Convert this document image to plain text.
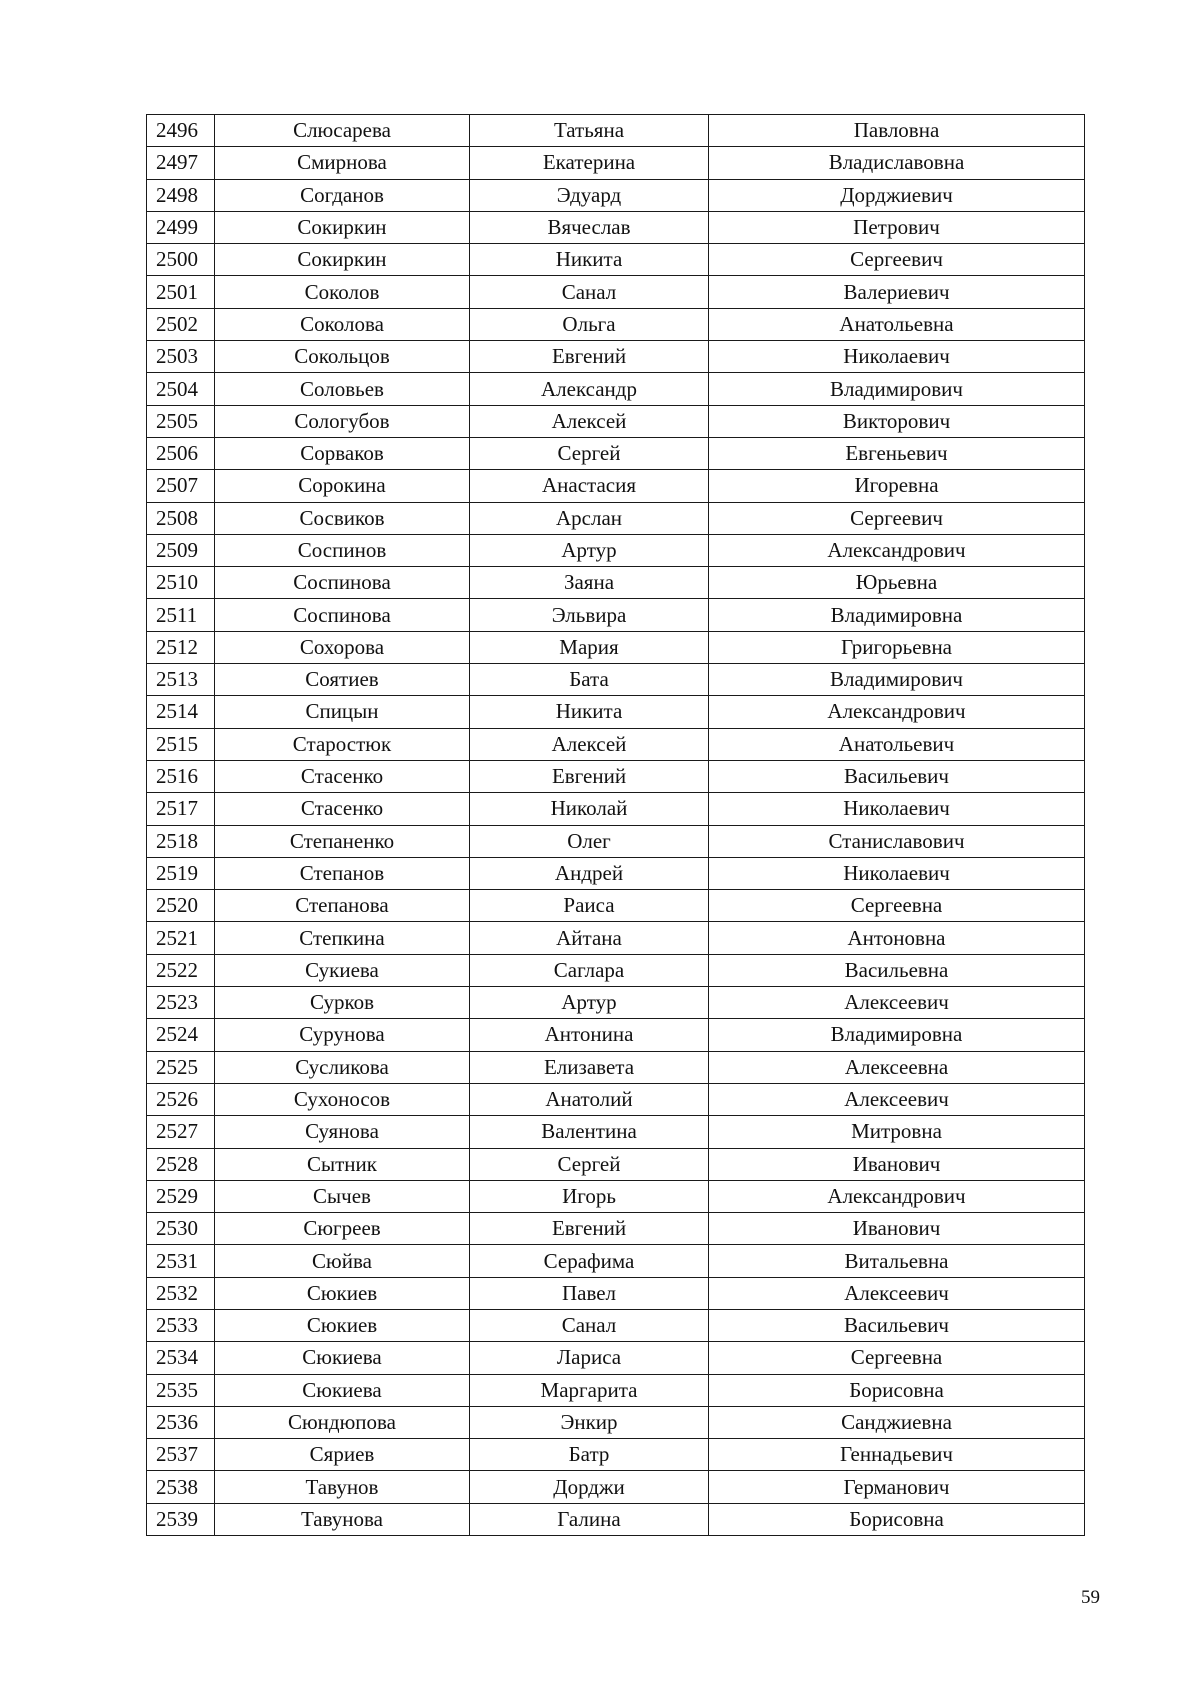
2496	Слюсарева	Татьяна	Павловна
2497	Смирнова	Екатерина	Владиславовна
2498	Согданов	Эдуард	Дорджиевич
2499	Сокиркин	Вячеслав	Петрович
2500	Сокиркин	Никита	Сергеевич
2501	Соколов	Санал	Валериевич
2502	Соколова	Ольга	Анатольевна
2503	Сокольцов	Евгений	Николаевич
2504	Соловьев	Александр	Владимирович
2505	Сологубов	Алексей	Викторович
2506	Сорваков	Сергей	Евгеньевич
2507	Сорокина	Анастасия	Игоревна
2508	Сосвиков	Арслан	Сергеевич
2509	Соспинов	Артур	Александрович
2510	Соспинова	Заяна	Юрьевна
2511	Соспинова	Эльвира	Владимировна
2512	Сохорова	Мария	Григорьевна
2513	Соятиев	Бата	Владимирович
2514	Спицын	Никита	Александрович
2515	Старостюк	Алексей	Анатольевич
2516	Стасенко	Евгений	Васильевич
2517	Стасенко	Николай	Николаевич
2518	Степаненко	Олег	Станиславович
2519	Степанов	Андрей	Николаевич
2520	Степанова	Раиса	Сергеевна
2521	Степкина	Айтана	Антоновна
2522	Сукиева	Саглара	Васильевна
2523	Сурков	Артур	Алексеевич
2524	Сурунова	Антонина	Владимировна
2525	Сусликова	Елизавета	Алексеевна
2526	Сухоносов	Анатолий	Алексеевич
2527	Суянова	Валентина	Митровна
2528	Сытник	Сергей	Иванович
2529	Сычев	Игорь	Александрович
2530	Сюгреев	Евгений	Иванович
2531	Сюйва	Серафима	Витальевна
2532	Сюкиев	Павел	Алексеевич
2533	Сюкиев	Санал	Васильевич
2534	Сюкиева	Лариса	Сергеевна
2535	Сюкиева	Маргарита	Борисовна
2536	Сюндюпова	Энкир	Санджиевна
2537	Сяриев	Батр	Геннадьевич
2538	Тавунов	Дорджи	Германович
2539	Тавунова	Галина	Борисовна
59
